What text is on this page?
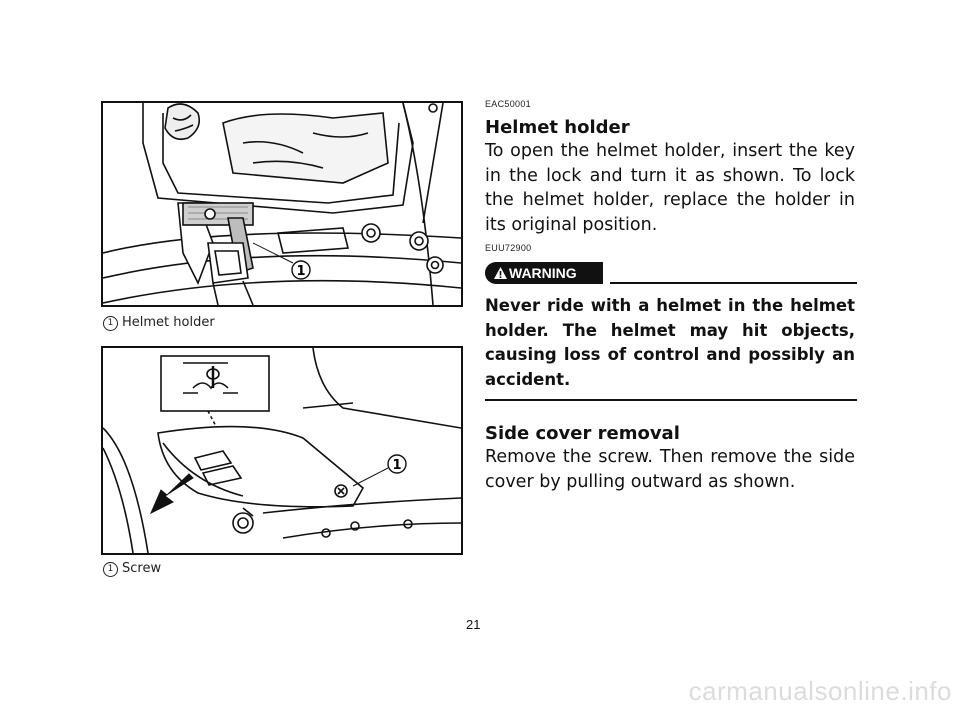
1
1 Helmet holder
1
1 Screw
EAC50001
Helmet holder
To open the helmet holder, insert the key in the lock and turn it as shown. To lock the helmet holder, replace the holder in its original position.
EUU72900
WARNING
Never ride with a helmet in the helmet holder. The helmet may hit objects, causing loss of control and possibly an accident.
Side cover removal
Remove the screw. Then remove the side cover by pulling outward as shown.
21
carmanualsonline.info
